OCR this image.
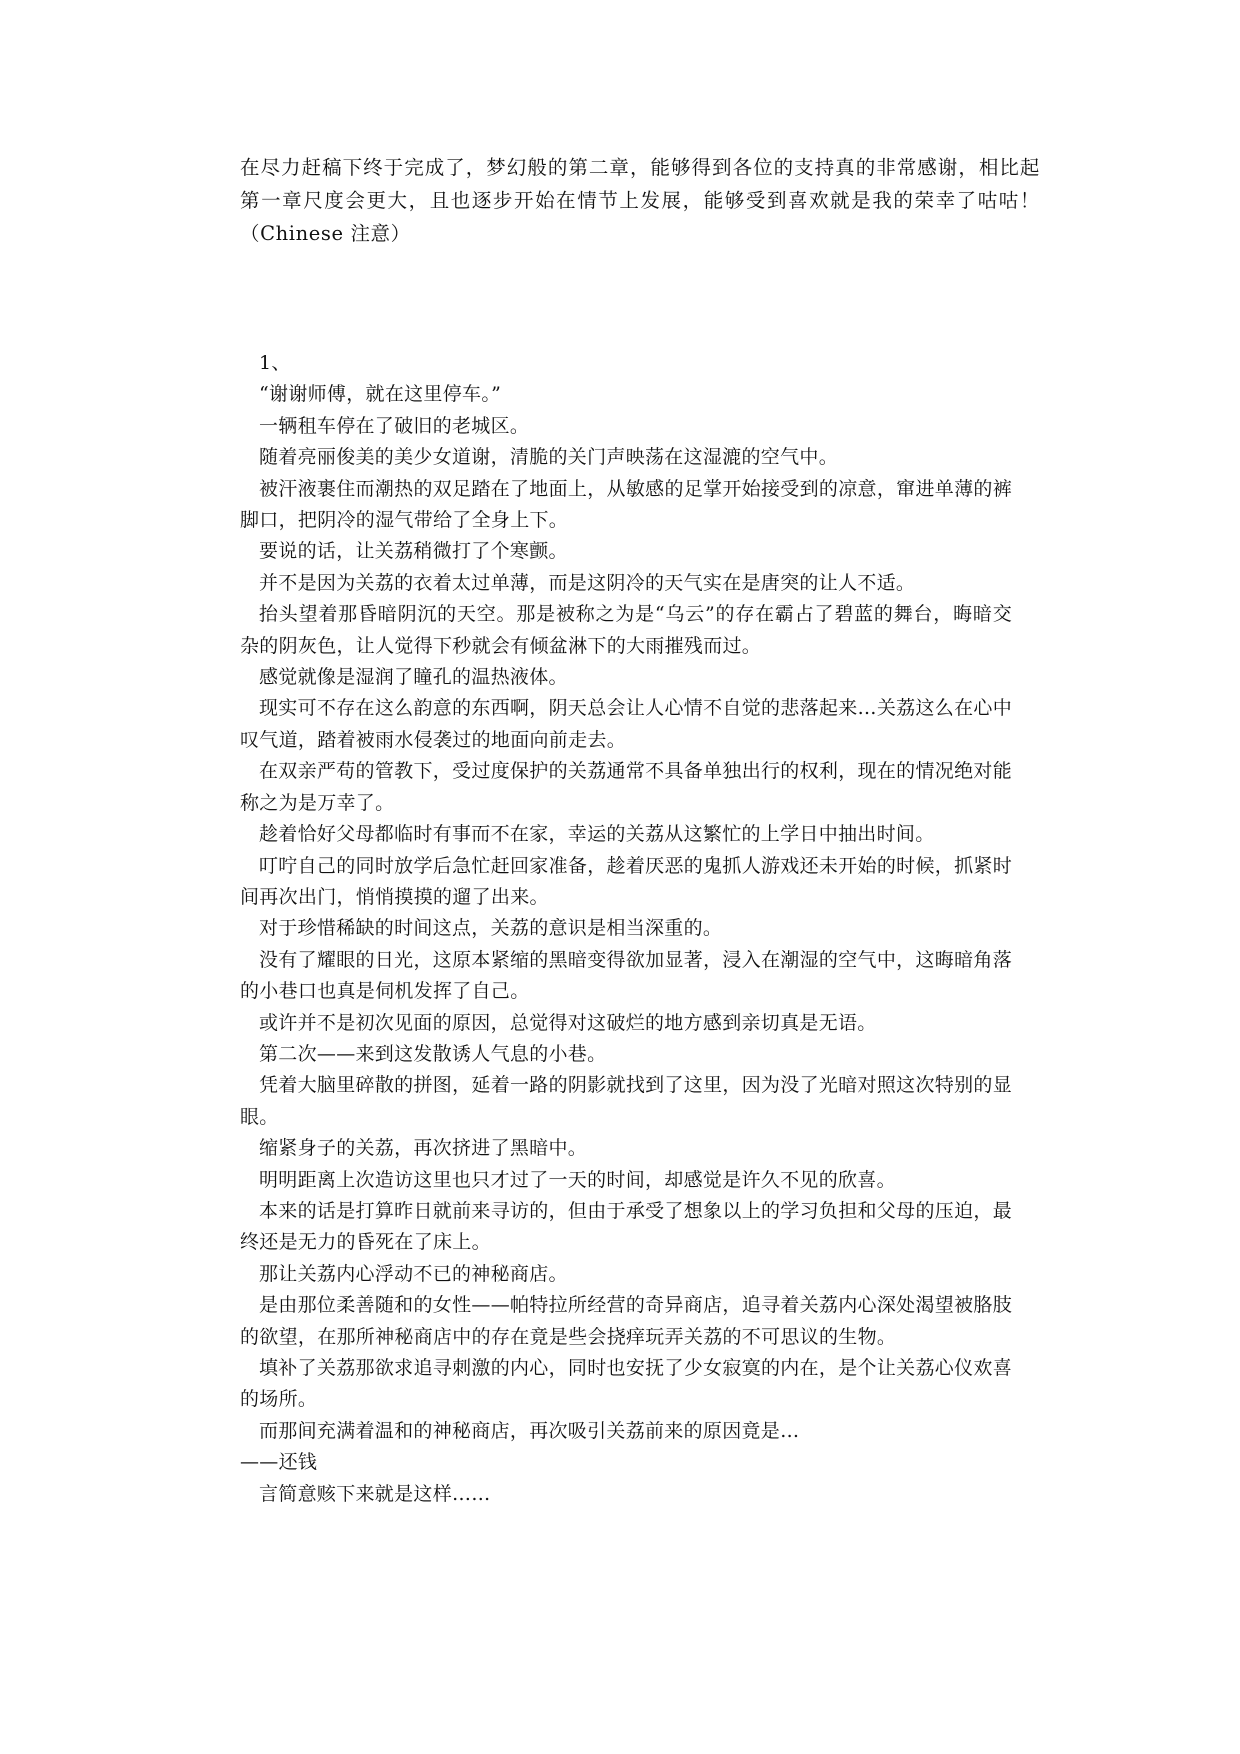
在尽力赶稿下终于完成了，梦幻般的第二章，能够得到各位的支持真的非常感谢，相比起第一章尺度会更大，且也逐步开始在情节上发展，能够受到喜欢就是我的荣幸了咕咕！（Chinese 注意）

1、

“谢谢师傅，就在这里停车。”

一辆租车停在了破旧的老城区。

随着亮丽俊美的美少女道谢，清脆的关门声映荡在这湿漉的空气中。

被汗液裹住而潮热的双足踏在了地面上，从敏感的足掌开始接受到的凉意，窜进单薄的裤脚口，把阴冷的湿气带给了全身上下。

要说的话，让关荔稍微打了个寒颤。

并不是因为关荔的衣着太过单薄，而是这阴冷的天气实在是唐突的让人不适。

抬头望着那昏暗阴沉的天空。那是被称之为是“乌云”的存在霸占了碧蓝的舞台，晦暗交杂的阴灰色，让人觉得下秒就会有倾盆淋下的大雨摧残而过。

感觉就像是湿润了瞳孔的温热液体。

现实可不存在这么韵意的东西啊，阴天总会让人心情不自觉的悲落起来…关荔这么在心中叹气道，踏着被雨水侵袭过的地面向前走去。

在双亲严苟的管教下，受过度保护的关荔通常不具备单独出行的权利，现在的情况绝对能称之为是万幸了。

趁着恰好父母都临时有事而不在家，幸运的关荔从这繁忙的上学日中抽出时间。

叮咛自己的同时放学后急忙赶回家准备，趁着厌恶的鬼抓人游戏还未开始的时候，抓紧时间再次出门，悄悄摸摸的遛了出来。

对于珍惜稀缺的时间这点，关荔的意识是相当深重的。

没有了耀眼的日光，这原本紧缩的黑暗变得欲加显著，浸入在潮湿的空气中，这晦暗角落的小巷口也真是伺机发挥了自己。

或许并不是初次见面的原因，总觉得对这破烂的地方感到亲切真是无语。

第二次——来到这发散诱人气息的小巷。

凭着大脑里碎散的拼图，延着一路的阴影就找到了这里，因为没了光暗对照这次特别的显眼。

缩紧身子的关荔，再次挤进了黑暗中。

明明距离上次造访这里也只才过了一天的时间，却感觉是许久不见的欣喜。

本来的话是打算昨日就前来寻访的，但由于承受了想象以上的学习负担和父母的压迫，最终还是无力的昏死在了床上。

那让关荔内心浮动不已的神秘商店。

是由那位柔善随和的女性——帕特拉所经营的奇异商店，追寻着关荔内心深处渴望被胳肢的欲望，在那所神秘商店中的存在竟是些会挠痒玩弄关荔的不可思议的生物。

填补了关荔那欲求追寻刺激的内心，同时也安抚了少女寂寞的内在，是个让关荔心仪欢喜的场所。

而那间充满着温和的神秘商店，再次吸引关荔前来的原因竟是…

——还钱

言简意赅下来就是这样……
